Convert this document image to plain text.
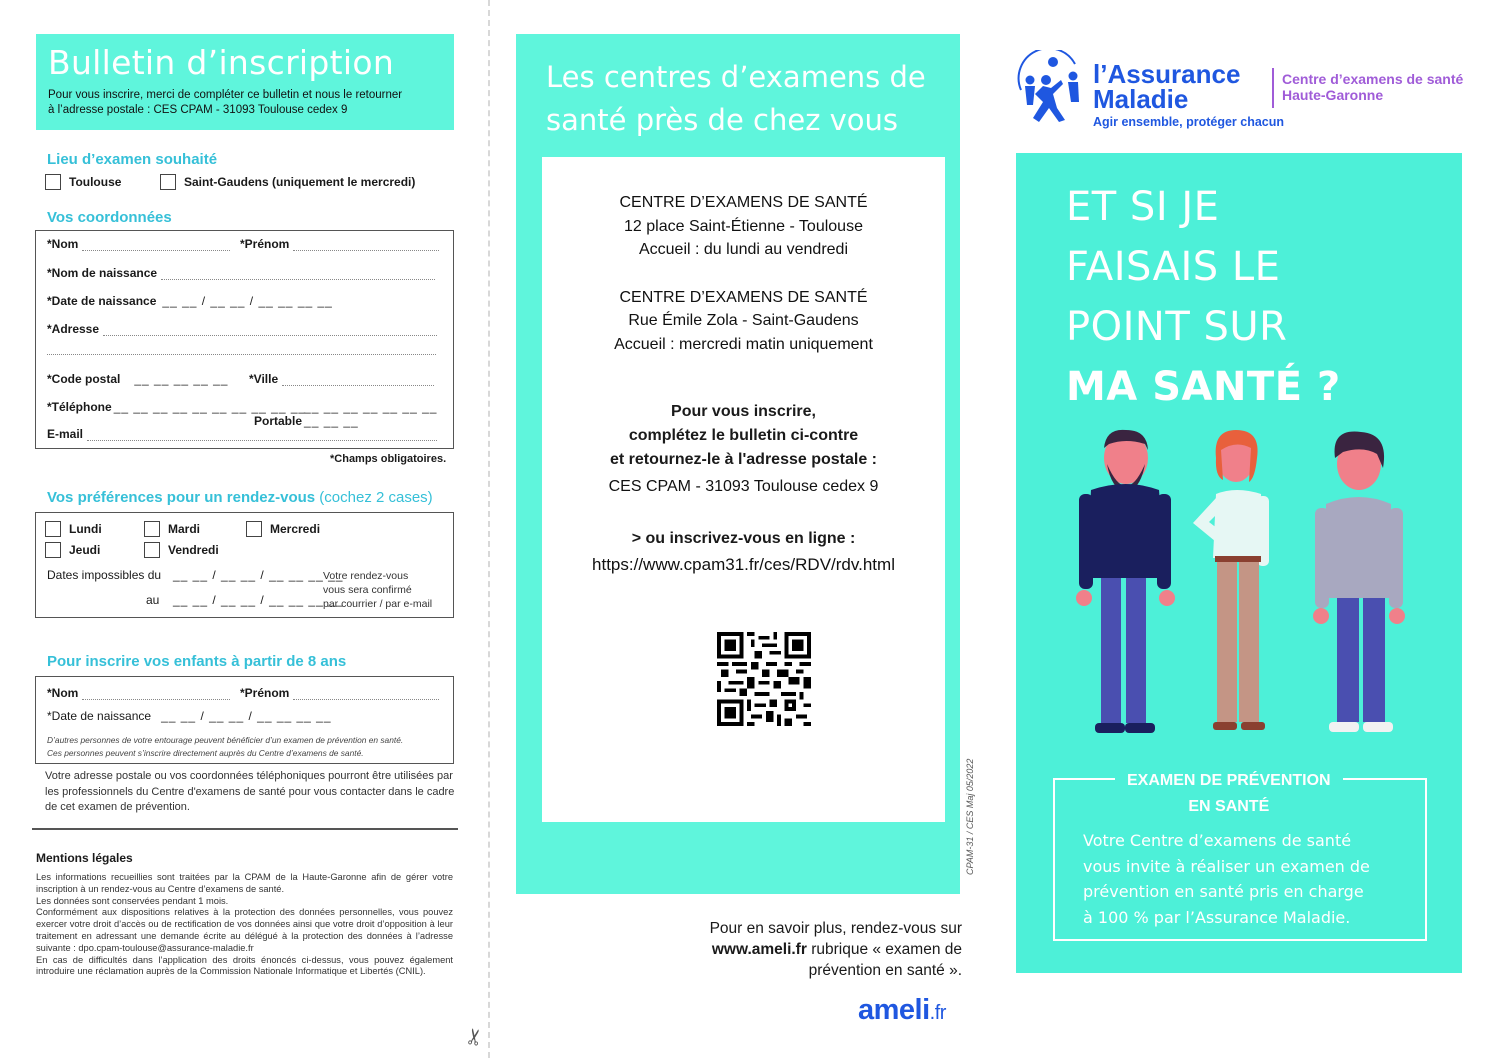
✂
Bulletin d’inscription
Pour vous inscrire, merci de compléter ce bulletin et nous le retourner
à l’adresse postale : CES CPAM - 31093 Toulouse cedex 9
Lieu d’examen souhaité
Toulouse	Saint-Gaudens (uniquement le mercredi)
Vos coordonnées
*Nom	*Prénom
*Nom de naissance
*Date de naissance __ __ / __ __ / __ __ __ __
*Adresse
*Code postal __ __ __ __ __ *Ville
*Téléphone __ __ __ __ __ __ __ __ __ __
Portable
__ __ __ __ __ __ __ __ __ __
E-mail
*Champs obligatoires.
Vos préférences pour un rendez-vous (cochez 2 cases)
Lundi	Mardi	Mercredi
Jeudi	Vendredi
Dates impossibles du __ __ / __ __ / __ __ __ __
au __ __ / __ __ / __ __ __ __
Votre rendez-vous
vous sera confirmé
par courrier / par e-mail
Pour inscrire vos enfants à partir de 8 ans
*Nom	*Prénom
*Date de naissance __ __ / __ __ / __ __ __ __
D’autres personnes de votre entourage peuvent bénéficier d’un examen de prévention en santé.
Ces personnes peuvent s’inscrire directement auprès du Centre d’examens de santé.
Votre adresse postale ou vos coordonnées téléphoniques pourront être utilisées par les professionnels du Centre d'examens de santé pour vous contacter dans le cadre de cet examen de prévention.
Mentions légales
Les informations recueillies sont traitées par la CPAM de la Haute-Garonne afin de gérer votre inscription à un rendez-vous au Centre d’examens de santé.
Les données sont conservées pendant 1 mois.
Conformément aux dispositions relatives à la protection des données personnelles, vous pouvez exercer votre droit d’accès ou de rectification de vos données ainsi que votre droit d’opposition à leur traitement en adressant une demande écrite au délégué à la protection des données à l’adresse suivante : dpo.cpam-toulouse@assurance-maladie.fr
En cas de difficultés dans l’application des droits énoncés ci-dessus, vous pouvez également introduire une réclamation auprès de la Commission Nationale Informatique et Libertés (CNIL).
Les centres d’examens de
santé près de chez vous
CENTRE D’EXAMENS DE SANTÉ
12 place Saint-Étienne - Toulouse
Accueil : du lundi au vendredi
CENTRE D’EXAMENS DE SANTÉ
Rue Émile Zola - Saint-Gaudens
Accueil : mercredi matin uniquement
Pour vous inscrire,
complétez le bulletin ci-contre
et retournez-le à l'adresse postale :
CES CPAM - 31093 Toulouse cedex 9
> ou inscrivez-vous en ligne :
https://www.cpam31.fr/ces/RDV/rdv.html
CPAM-31 / CES Maj 05/2022
Pour en savoir plus, rendez-vous sur
www.ameli.fr rubrique « examen de
prévention en santé ».
ameli.fr
l’Assurance
Maladie
Agir ensemble, protéger chacun
Centre d’examens de santé
Haute-Garonne
ET SI JE
FAISAIS LE
POINT SUR
MA SANTÉ ?
EXAMEN DE PRÉVENTION
EN SANTÉ
Votre Centre d’examens de santé
vous invite à réaliser un examen de
prévention en santé pris en charge
à 100 % par l’Assurance Maladie.
